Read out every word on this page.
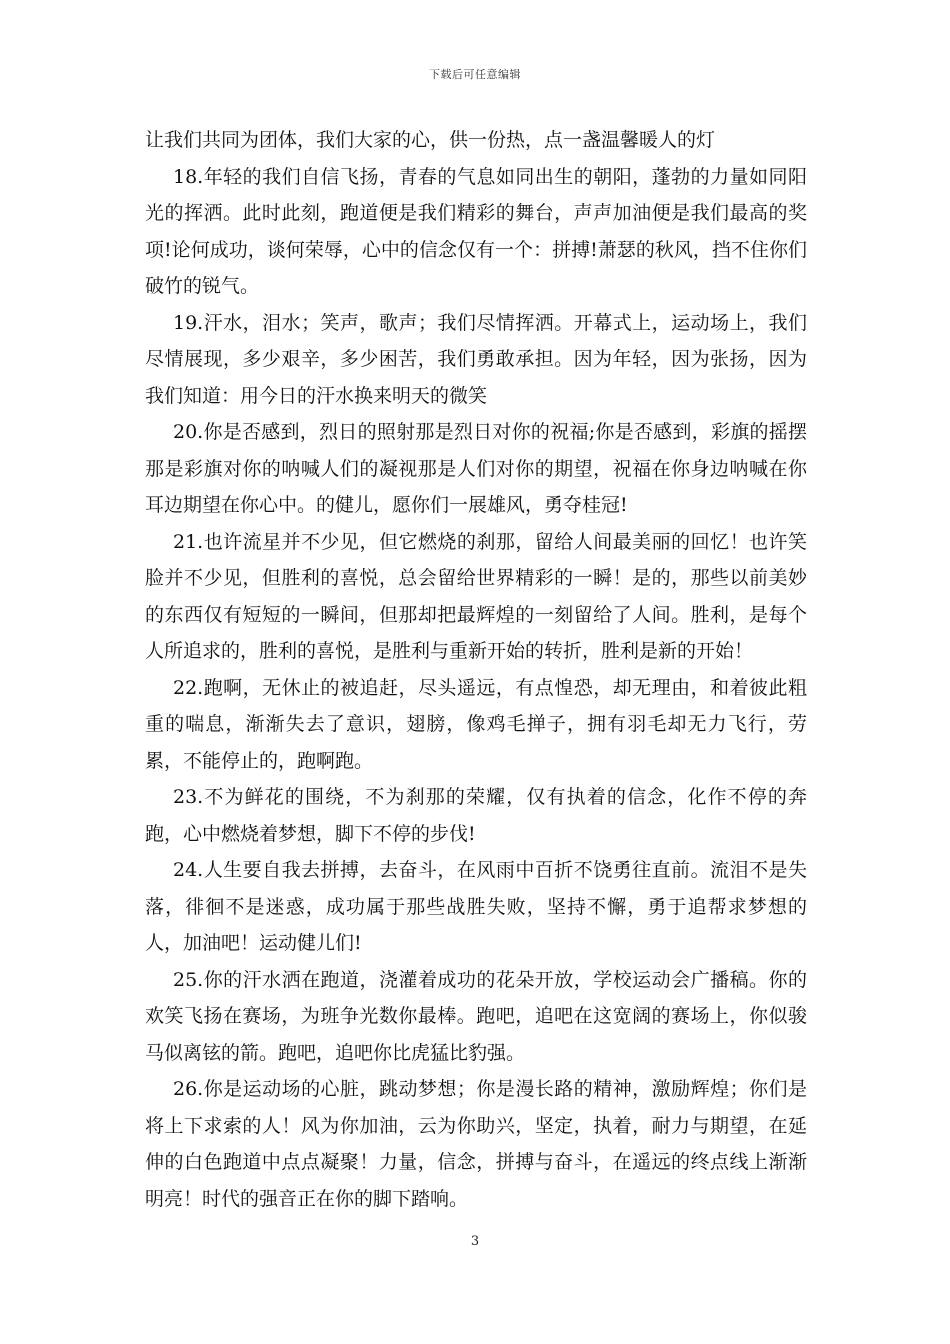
下载后可任意编辑

让我们共同为团体，我们大家的心，供一份热，点一盏温馨暖人的灯

18.年轻的我们自信飞扬，青春的气息如同出生的朝阳，蓬勃的力量如同阳光的挥洒。此时此刻，跑道便是我们精彩的舞台，声声加油便是我们最高的奖项!论何成功，谈何荣辱，心中的信念仅有一个：拼搏!萧瑟的秋风，挡不住你们破竹的锐气。

19.汗水，泪水；笑声，歌声；我们尽情挥洒。开幕式上，运动场上，我们尽情展现，多少艰辛，多少困苦，我们勇敢承担。因为年轻，因为张扬，因为我们知道：用今日的汗水换来明天的微笑

20.你是否感到，烈日的照射那是烈日对你的祝福;你是否感到，彩旗的摇摆那是彩旗对你的呐喊人们的凝视那是人们对你的期望，祝福在你身边呐喊在你耳边期望在你心中。的健儿，愿你们一展雄风，勇夺桂冠!

21.也许流星并不少见，但它燃烧的刹那，留给人间最美丽的回忆！也许笑脸并不少见，但胜利的喜悦，总会留给世界精彩的一瞬！是的，那些以前美妙的东西仅有短短的一瞬间，但那却把最辉煌的一刻留给了人间。胜利，是每个人所追求的，胜利的喜悦，是胜利与重新开始的转折，胜利是新的开始！

22.跑啊，无休止的被追赶，尽头遥远，有点惶恐，却无理由，和着彼此粗重的喘息，渐渐失去了意识，翅膀，像鸡毛掸子，拥有羽毛却无力飞行，劳累，不能停止的，跑啊跑。

23.不为鲜花的围绕，不为刹那的荣耀，仅有执着的信念，化作不停的奔跑，心中燃烧着梦想，脚下不停的步伐!

24.人生要自我去拼搏，去奋斗，在风雨中百折不饶勇往直前。流泪不是失落，徘徊不是迷惑，成功属于那些战胜失败，坚持不懈，勇于追帮求梦想的人，加油吧！运动健儿们!

25.你的汗水洒在跑道，浇灌着成功的花朵开放，学校运动会广播稿。你的欢笑飞扬在赛场，为班争光数你最棒。跑吧，追吧在这宽阔的赛场上，你似骏马似离铉的箭。跑吧，追吧你比虎猛比豹强。

26.你是运动场的心脏，跳动梦想；你是漫长路的精神，激励辉煌；你们是将上下求索的人！风为你加油，云为你助兴，坚定，执着，耐力与期望，在延伸的白色跑道中点点凝聚！力量，信念，拼搏与奋斗，在遥远的终点线上渐渐明亮！时代的强音正在你的脚下踏响。

3
